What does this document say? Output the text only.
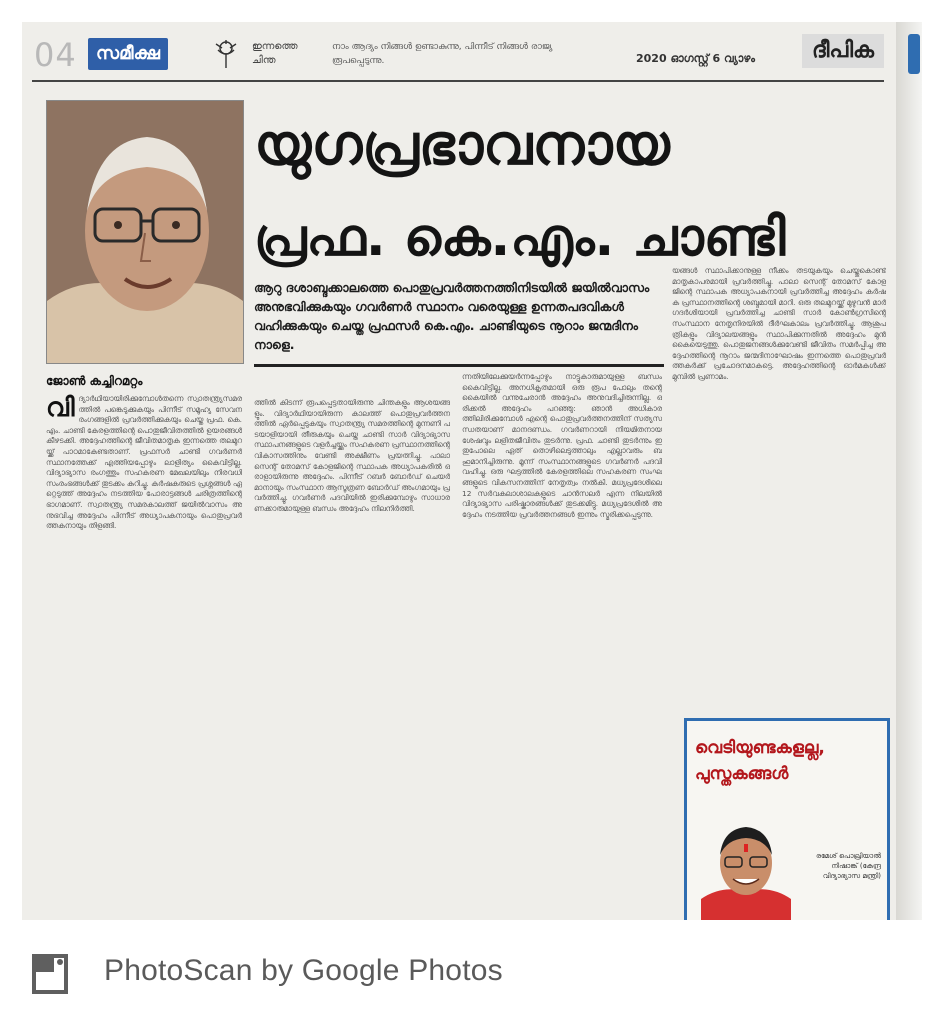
04	സമീക്ഷ	ഇന്നത്തെ ചിന്ത
നാം ആദ്യം നിങ്ങൾ ഉണ്ടാകുന്നു, പിന്നീട് നിങ്ങൾ രാജ്യ രൂപപ്പെടുന്നു.	2020 ഓഗസ്റ്റ് 6 വ്യാഴം	ദീപിക
ജോൺ കച്ചിറമറ്റം
യുഗപ്രഭാവനായ
പ്രഫ. കെ.എം. ചാണ്ടി
ആറു ദശാബ്ദക്കാലത്തെ പൊതുപ്രവർത്തനത്തിനിടയിൽ ജയിൽവാസം അനുഭവിക്കുകയും ഗവർണർ സ്ഥാനം വരെയുള്ള ഉന്നതപദവികൾ വഹിക്കുകയും ചെയ്ത പ്രഫസർ കെ.എം. ചാണ്ടിയുടെ നൂറാം ജന്മദിനം നാളെ.
വി ദ്യാർഥിയായിരിക്കുമ്പോൾതന്നെ സ്വാതന്ത്ര്യസമരത്തിൽ പങ്കെടുക്കുകയും പിന്നീട് സമൂഹ്യ സേവന രംഗങ്ങളിൽ പ്രവർത്തിക്കുകയും ചെയ്ത പ്രഫ. കെ.എം. ചാണ്ടി കേരളത്തിന്റെ പൊതുജീവിതത്തിൽ ഉയരങ്ങൾ കീഴടക്കി. അദ്ദേഹത്തിന്റെ ജീവിതമാതൃക ഇന്നത്തെ തലമുറയ്ക്ക് പാഠമാകേണ്ടതാണ്. പ്രഫസർ ചാണ്ടി ഗവർണർ സ്ഥാനത്തേക്ക് എത്തിയപ്പോഴും ലാളിത്യം കൈവിട്ടില്ല. വിദ്യാഭ്യാസ രംഗത്തും സഹകരണ മേഖലയിലും നിരവധി സംരംഭങ്ങൾക്ക് തുടക്കം കുറിച്ചു. കർഷകരുടെ പ്രശ്നങ്ങൾ ഏറ്റെടുത്ത് അദ്ദേഹം നടത്തിയ പോരാട്ടങ്ങൾ ചരിത്രത്തിന്റെ ഭാഗമാണ്. സ്വാതന്ത്ര്യ സമരകാലത്ത് ജയിൽവാസം അനുഭവിച്ച അദ്ദേഹം പിന്നീട് അധ്യാപകനായും പൊതുപ്രവർത്തകനായും തിളങ്ങി.
ത്തിൽ കിടന്ന് രൂപപ്പെട്ടതായിരുന്നു ചിന്തകളും ആശയങ്ങളും. വിദ്യാർഥിയായിരുന്ന കാലത്ത് പൊതുപ്രവർത്തനത്തിൽ ഏർപ്പെടുകയും സ്വാതന്ത്ര്യ സമരത്തിന്റെ മുന്നണി പടയാളിയായി തീരുകയും ചെയ്ത ചാണ്ടി സാർ വിദ്യാഭ്യാസ സ്ഥാപനങ്ങളുടെ വളർച്ചയ്ക്കും സഹകരണ പ്രസ്ഥാനത്തിന്റെ വികാസത്തിനും വേണ്ടി അക്ഷീണം പ്രയത്നിച്ചു. പാലാ സെന്റ് തോമസ് കോളജിന്റെ സ്ഥാപക അധ്യാപകരിൽ ഒരാളായിരുന്നു അദ്ദേഹം. പിന്നീട് റബർ ബോർഡ് ചെയർമാനായും സംസ്ഥാന ആസൂത്രണ ബോർഡ് അംഗമായും പ്രവർത്തിച്ചു. ഗവർണർ പദവിയിൽ ഇരിക്കുമ്പോഴും സാധാരണക്കാരുമായുള്ള ബന്ധം അദ്ദേഹം നിലനിർത്തി.
ന്നതിയിലേക്കുയർന്നപ്പോഴും നാട്ടുകാരുമായുള്ള ബന്ധം കൈവിട്ടില്ല. അനധികൃതമായി ഒരു രൂപ പോലും തന്റെ കൈയിൽ വന്നുചേരാൻ അദ്ദേഹം അനുവദിച്ചിരുന്നില്ല. ഒരിക്കൽ അദ്ദേഹം പറഞ്ഞു: ഞാൻ അധികാരത്തിലിരിക്കുമ്പോൾ എന്റെ പൊതുപ്രവർത്തനത്തിന് സത്യസന്ധതയാണ് മാനദണ്ഡം. ഗവർണറായി നിയമിതനായ ശേഷവും ലളിതജീവിതം തുടർന്നു. പ്രഫ. ചാണ്ടി തുടർന്നും ഇതുപോലെ ഏത് തൊഴിലെടുത്താലും എല്ലാവരും ബഹുമാനിച്ചിരുന്നു. മൂന്ന് സംസ്ഥാനങ്ങളുടെ ഗവർണർ പദവി വഹിച്ചു. ഒരു ഘട്ടത്തിൽ കേരളത്തിലെ സഹകരണ സംഘങ്ങളുടെ വികസനത്തിന് നേതൃത്വം നൽകി. മധ്യപ്രദേശിലെ 12 സർവകലാശാലകളുടെ ചാൻസലർ എന്ന നിലയിൽ വിദ്യാഭ്യാസ പരിഷ്കാരങ്ങൾക്ക് തുടക്കമിട്ടു. മധ്യപ്രദേശിൽ അദ്ദേഹം നടത്തിയ പ്രവർത്തനങ്ങൾ ഇന്നും സ്മരിക്കപ്പെടുന്നു.
യങ്ങൾ സ്ഥാപിക്കാനുള്ള നീക്കം തടയുകയും ചെയ്തുകൊണ്ട് മാതൃകാപരമായി പ്രവർത്തിച്ചു. പാലാ സെന്റ് തോമസ് കോളജിന്റെ സ്ഥാപക അധ്യാപകനായി പ്രവർത്തിച്ച അദ്ദേഹം കർഷക പ്രസ്ഥാനത്തിന്റെ ശബ്ദമായി മാറി. ഒരു തലമുറയ്ക്ക് മുഴുവൻ മാർഗദർശിയായി പ്രവർത്തിച്ച ചാണ്ടി സാർ കോൺഗ്രസിന്റെ സംസ്ഥാന നേതൃനിരയിൽ ദീർഘകാലം പ്രവർത്തിച്ചു. ആശുപത്രികളും വിദ്യാലയങ്ങളും സ്ഥാപിക്കുന്നതിൽ അദ്ദേഹം മുൻകൈയെടുത്തു. പൊതുജനങ്ങൾക്കുവേണ്ടി ജീവിതം സമർപ്പിച്ച അദ്ദേഹത്തിന്റെ നൂറാം ജന്മദിനാഘോഷം ഇന്നത്തെ പൊതുപ്രവർത്തകർക്ക് പ്രചോദനമാകട്ടെ. അദ്ദേഹത്തിന്റെ ഓർമകൾക്ക് മുമ്പിൽ പ്രണാമം.
വെടിയുണ്ടകളല്ല, പുസ്തകങ്ങൾ
രമേശ് പൊഖ്രിയാൽ നിഷാങ്ക് (കേന്ദ്ര വിദ്യാഭ്യാസ മന്ത്രി)
PhotoScan by Google Photos
